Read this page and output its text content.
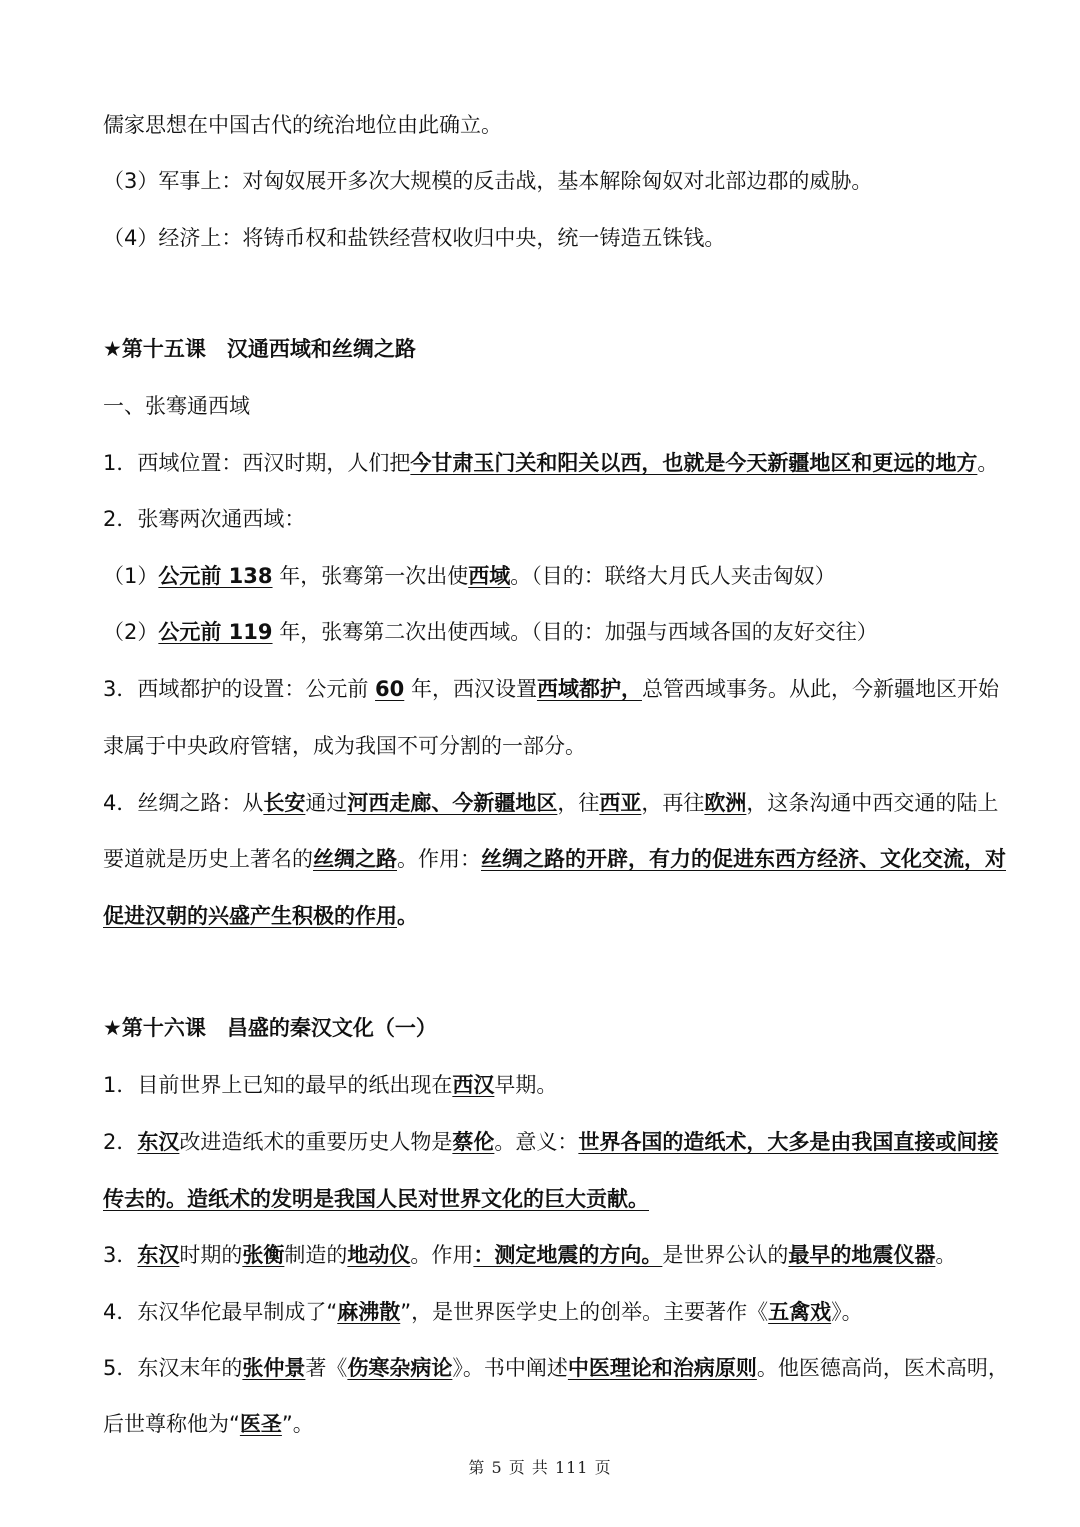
儒家思想在中国古代的统治地位由此确立。
（3）军事上：对匈奴展开多次大规模的反击战，基本解除匈奴对北部边郡的威胁。
（4）经济上：将铸币权和盐铁经营权收归中央，统一铸造五铢钱。
★第十五课　汉通西域和丝绸之路
一、张骞通西域
1．西域位置：西汉时期，人们把今甘肃玉门关和阳关以西，也就是今天新疆地区和更远的地方。
2．张骞两次通西域：
（1）公元前 138 年，张骞第一次出使西域。（目的：联络大月氏人夹击匈奴）
（2）公元前 119 年，张骞第二次出使西域。（目的：加强与西域各国的友好交往）
3．西域都护的设置：公元前 60 年，西汉设置西域都护，总管西域事务。从此，今新疆地区开始
隶属于中央政府管辖，成为我国不可分割的一部分。
4．丝绸之路：从长安通过河西走廊、今新疆地区，往西亚，再往欧洲，这条沟通中西交通的陆上
要道就是历史上著名的丝绸之路。作用：丝绸之路的开辟，有力的促进东西方经济、文化交流，对
促进汉朝的兴盛产生积极的作用。
★第十六课　昌盛的秦汉文化（一）
1．目前世界上已知的最早的纸出现在西汉早期。
2．东汉改进造纸术的重要历史人物是蔡伦。意义：世界各国的造纸术，大多是由我国直接或间接
传去的。造纸术的发明是我国人民对世界文化的巨大贡献。
3．东汉时期的张衡制造的地动仪。作用：测定地震的方向。是世界公认的最早的地震仪器。
4．东汉华佗最早制成了“麻沸散”，是世界医学史上的创举。主要著作《五禽戏》。
5．东汉末年的张仲景著《伤寒杂病论》。书中阐述中医理论和治病原则。他医德高尚，医术高明，
后世尊称他为“医圣”。
第 5 页 共 111 页
